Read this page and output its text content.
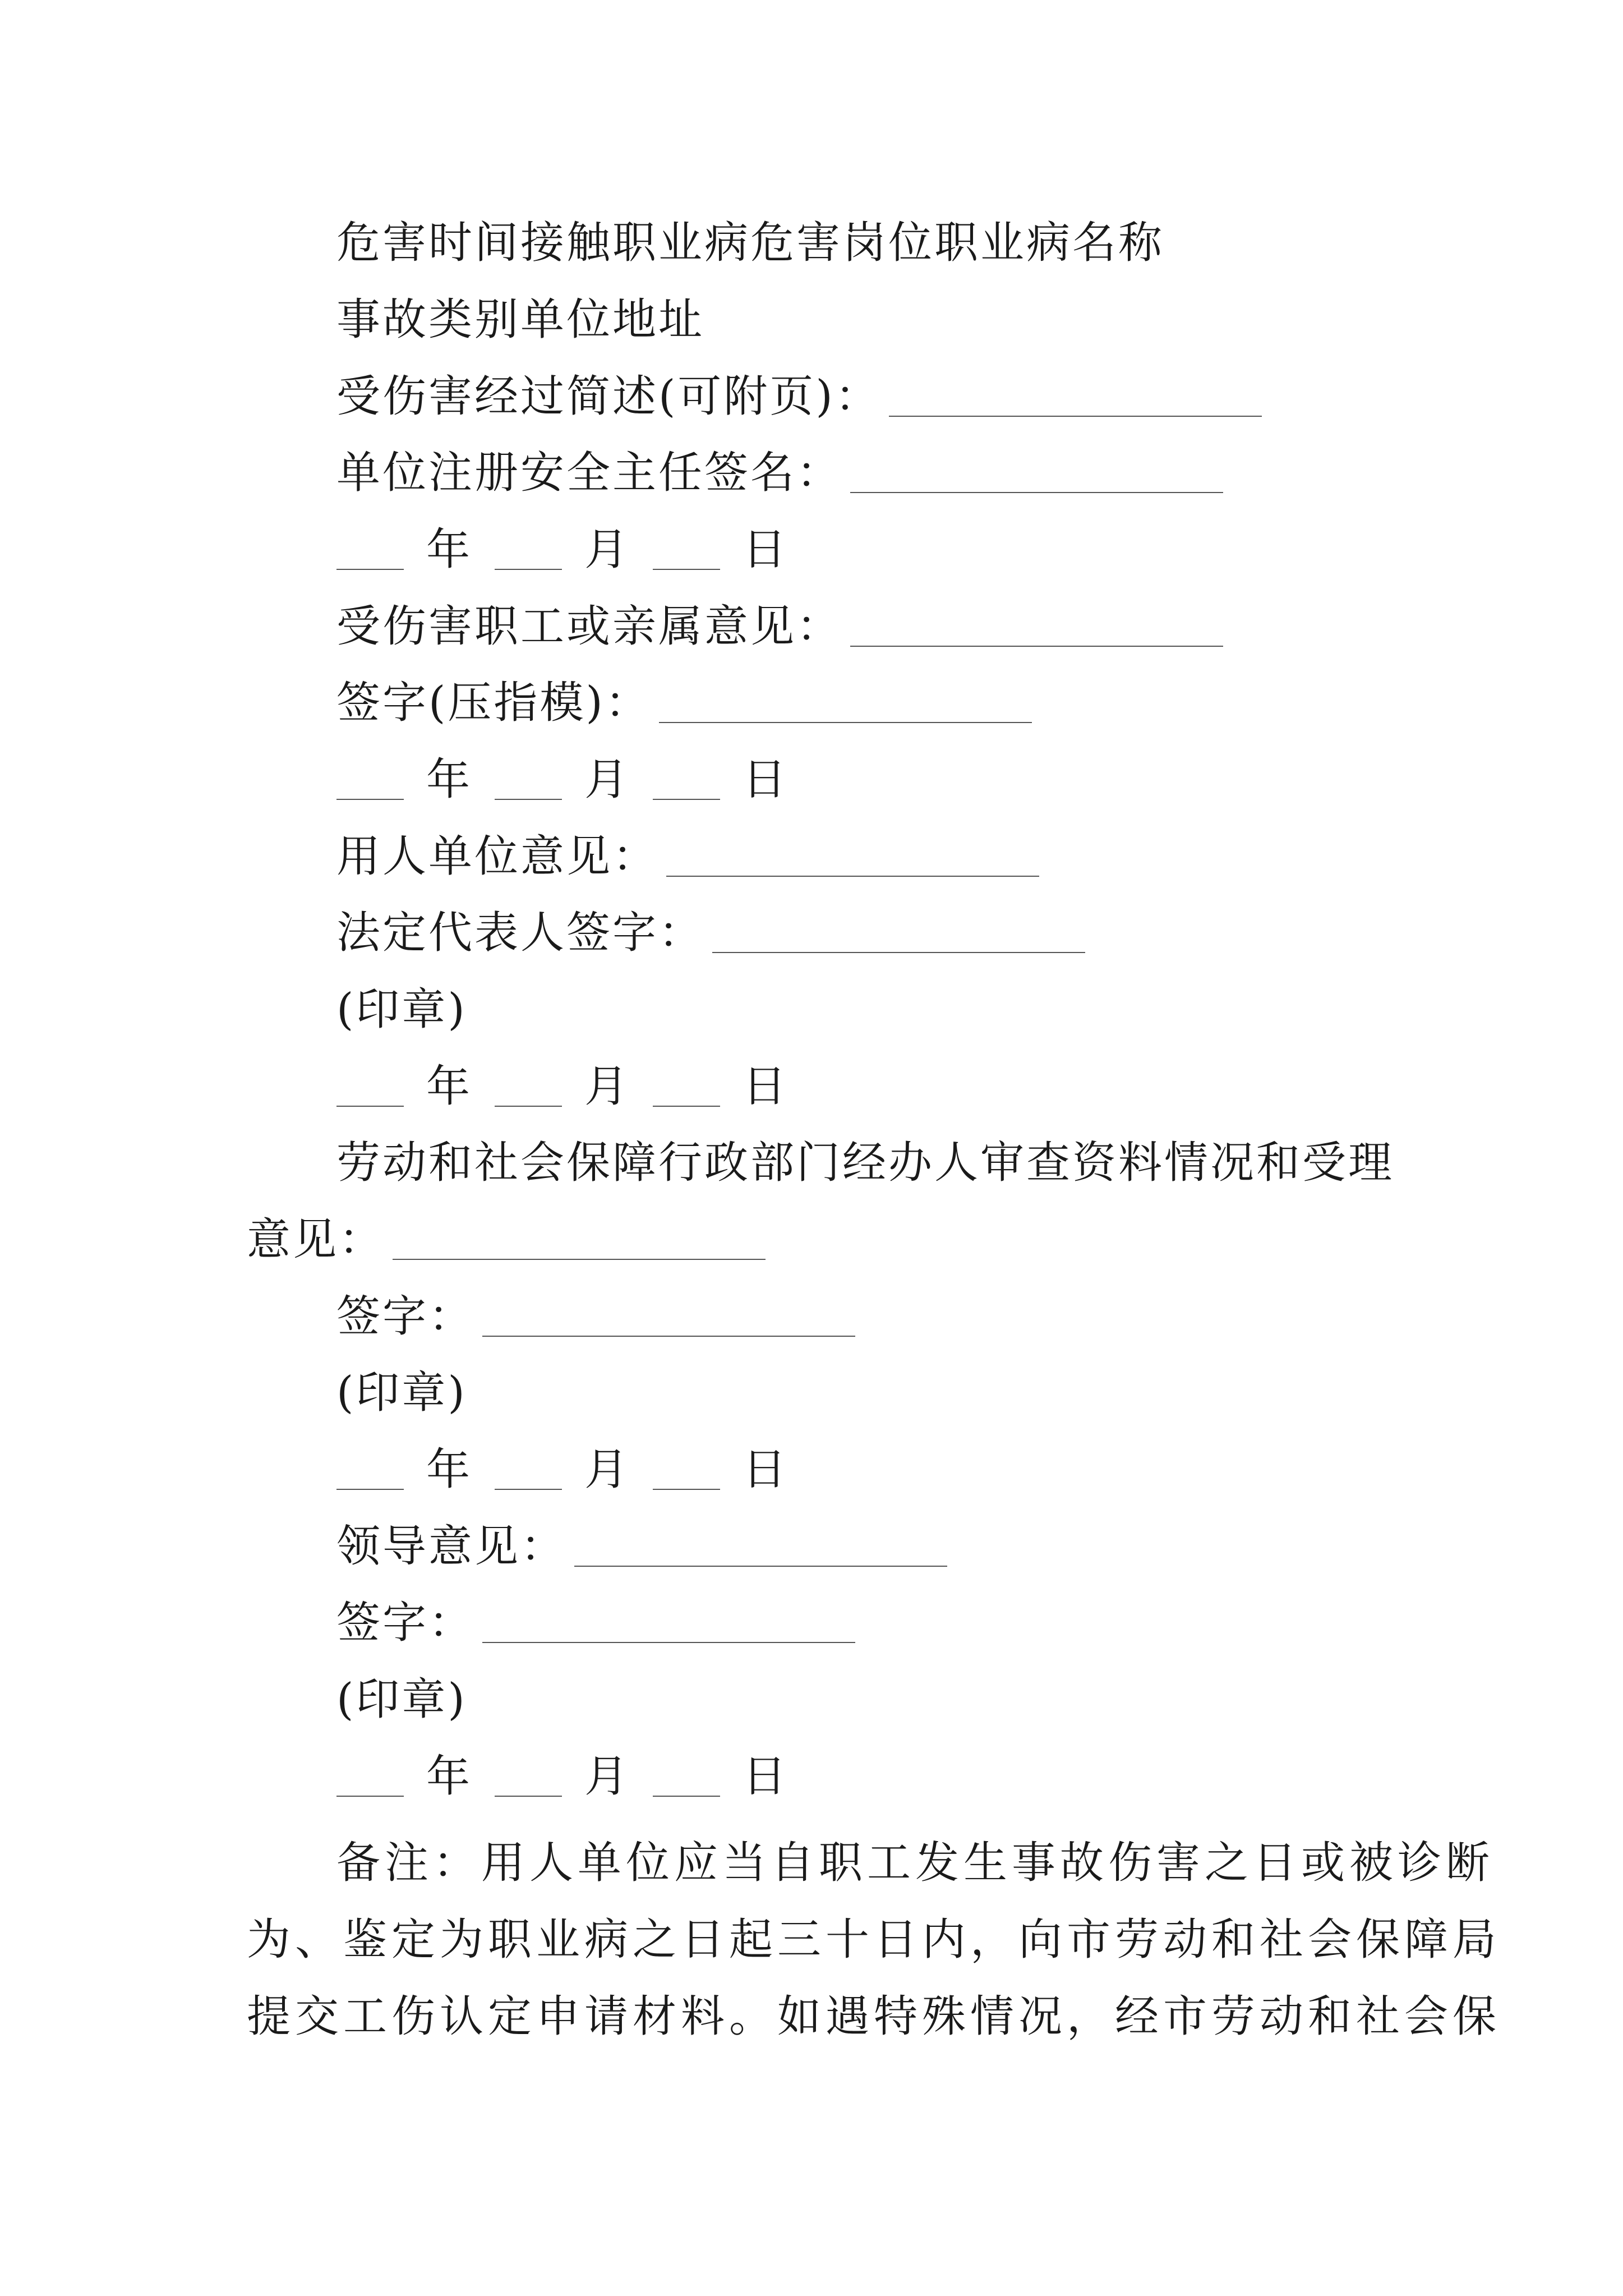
危害时间接触职业病危害岗位职业病名称
事故类别单位地址
受伤害经过简述(可附页)：
单位注册安全主任签名：
年	月	日
受伤害职工或亲属意见：
签字(压指模)：
年	月	日
用人单位意见：
法定代表人签字：
(印章)
年	月	日
劳动和社会保障行政部门经办人审查资料情况和受理
意见：
签字：
(印章)
年	月	日
领导意见：
签字：
(印章)
年	月	日
备注：用人单位应当自职工发生事故伤害之日或被诊断
为、鉴定为职业病之日起三十日内，向市劳动和社会保障局
提交工伤认定申请材料。如遇特殊情况，经市劳动和社会保
